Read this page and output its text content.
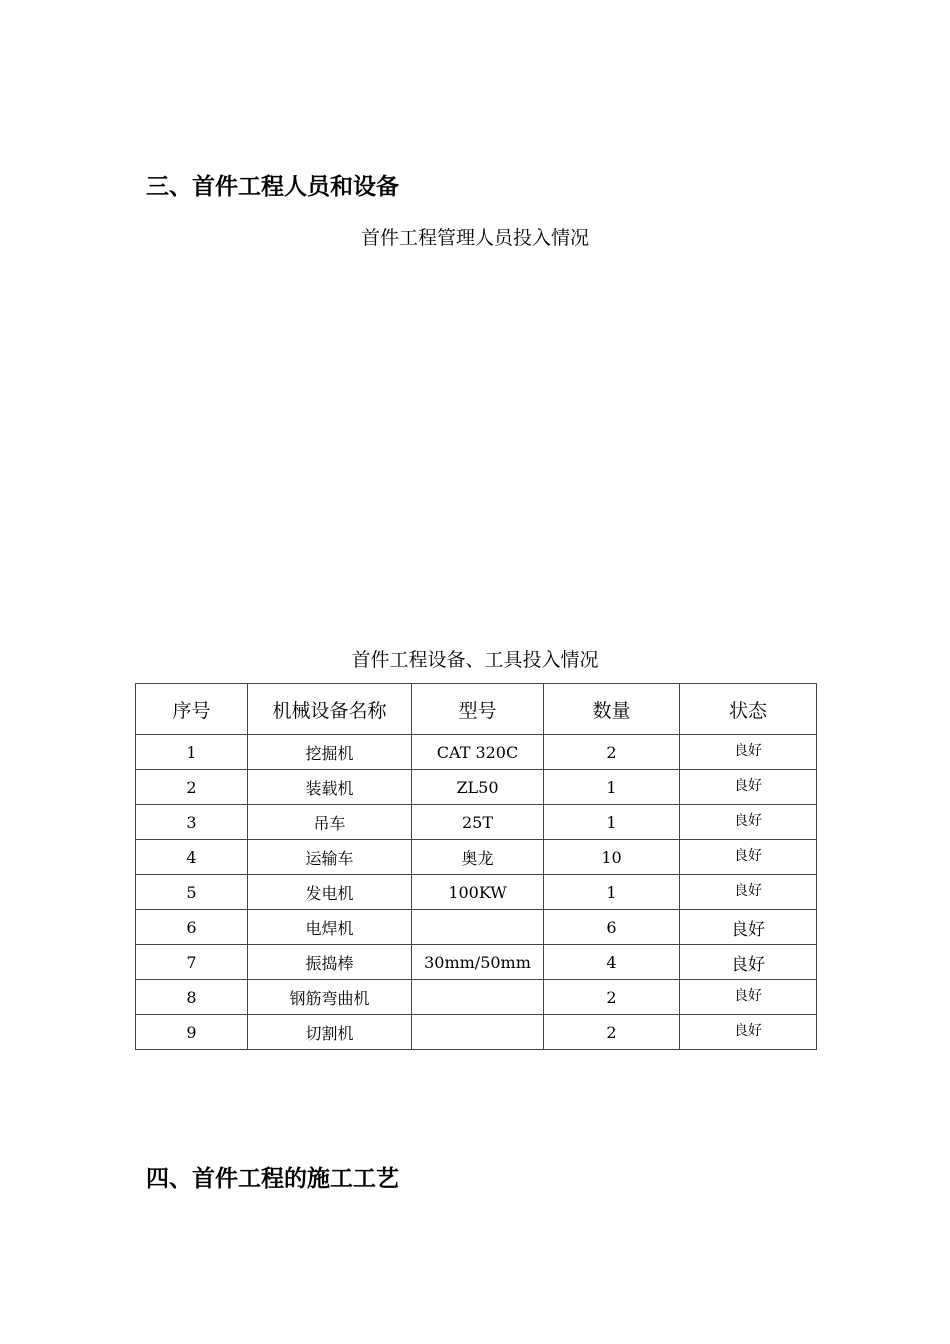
三、首件工程人员和设备

首件工程管理人员投入情况

首件工程设备、工具投入情况

序号	机械设备名称	型号	数量	状态
1	挖掘机	CAT 320C	2	良好
2	装载机	ZL50	1	良好
3	吊车	25T	1	良好
4	运输车	奥龙	10	良好
5	发电机	100KW	1	良好
6	电焊机		6	良好
7	振捣棒	30mm/50mm	4	良好
8	钢筋弯曲机		2	良好
9	切割机		2	良好
四、首件工程的施工工艺
